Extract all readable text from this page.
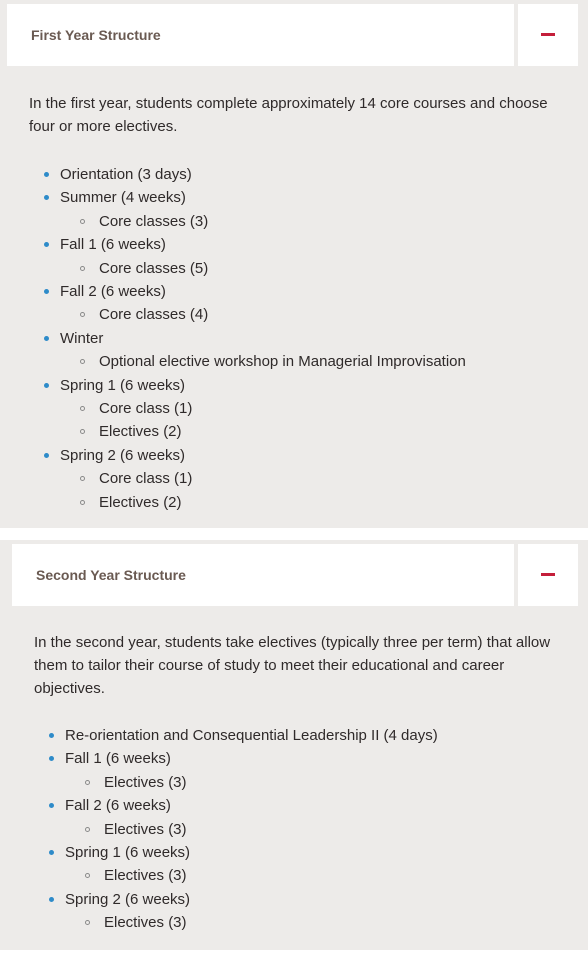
First Year Structure

In the first year, students complete approximately 14 core courses and choose four or more electives.

Orientation (3 days)
Summer (4 weeks)
Core classes (3)
Fall 1 (6 weeks)
Core classes (5)
Fall 2 (6 weeks)
Core classes (4)
Winter
Optional elective workshop in Managerial Improvisation
Spring 1 (6 weeks)
Core class (1)
Electives (2)
Spring 2 (6 weeks)
Core class (1)
Electives (2)
Second Year Structure

In the second year, students take electives (typically three per term) that allow them to tailor their course of study to meet their educational and career objectives.

Re-orientation and Consequential Leadership II (4 days)
Fall 1 (6 weeks)
Electives (3)
Fall 2 (6 weeks)
Electives (3)
Spring 1 (6 weeks)
Electives (3)
Spring 2 (6 weeks)
Electives (3)
